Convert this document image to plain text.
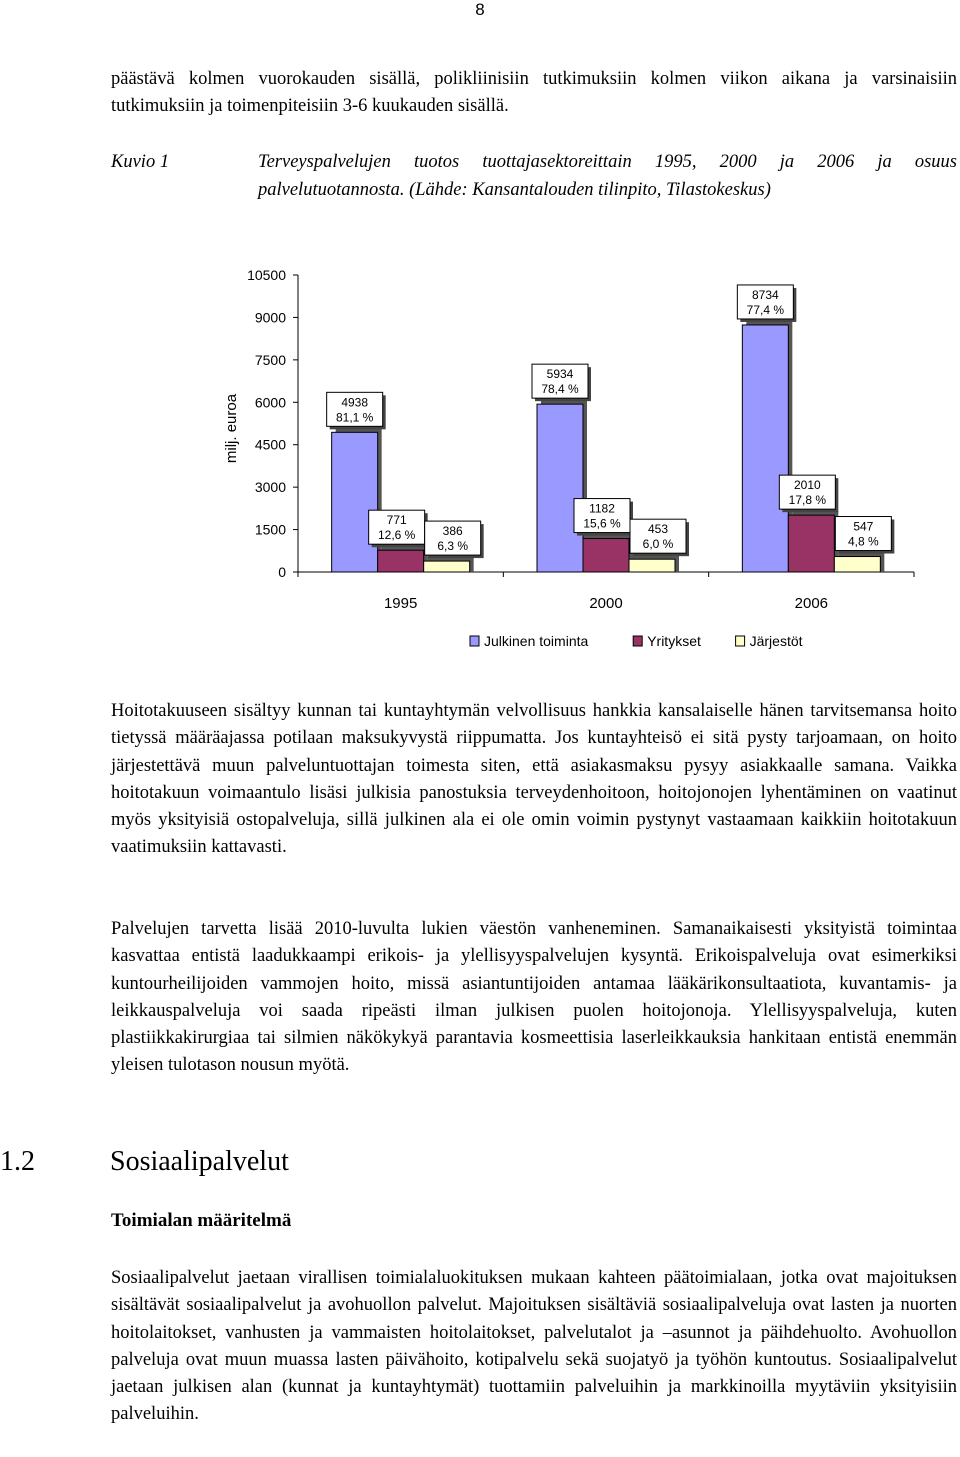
8

päästävä kolmen vuorokauden sisällä, polikliinisiin tutkimuksiin kolmen viikon aikana ja varsinaisiin tutkimuksiin ja toimenpiteisiin 3-6 kuukauden sisällä.

Kuvio 1	Terveyspalvelujen tuotos tuottajasektoreittain 1995, 2000 ja 2006 ja osuus palvelutuotannosta. (Lähde: Kansantalouden tilinpito, Tilastokeskus)
0
1500
3000
4500
6000
7500
9000
10500
milj. euroa	4938
81,1 %
771
12,6 % 386
6,3 %
1995
5934
78,4 %
1182
15,6 % 453
6,0 %
2000
8734
77,4 %
2010
17,8 %
547
4,8 %
2006
Julkinen toiminta	Yritykset	Järjestöt

Hoitotakuuseen sisältyy kunnan tai kuntayhtymän velvollisuus hankkia kansalaiselle hänen tarvitsemansa hoito tietyssä määräajassa potilaan maksukyvystä riippumatta. Jos kuntayhteisö ei sitä pysty tarjoamaan, on hoito järjestettävä muun palveluntuottajan toimesta siten, että asiakasmaksu pysyy asiakkaalle samana. Vaikka hoitotakuun voimaantulo lisäsi julkisia panostuksia terveydenhoitoon, hoitojonojen lyhentäminen on vaatinut myös yksityisiä ostopalveluja, sillä julkinen ala ei ole omin voimin pystynyt vastaamaan kaikkiin hoitotakuun vaatimuksiin kattavasti.

Palvelujen tarvetta lisää 2010-luvulta lukien väestön vanheneminen. Samanaikaisesti yksityistä toimintaa kasvattaa entistä laadukkaampi erikois- ja ylellisyyspalvelujen kysyntä. Erikoispalveluja ovat esimerkiksi kuntourheilijoiden vammojen hoito, missä asiantuntijoiden antamaa lääkärikonsultaatiota, kuvantamis- ja leikkauspalveluja voi saada ripeästi ilman julkisen puolen hoitojonoja. Ylellisyyspalveluja, kuten plastiikkakirurgiaa tai silmien näkökykyä parantavia kosmeettisia laserleikkauksia hankitaan entistä enemmän yleisen tulotason nousun myötä.

1.2	Sosiaalipalvelut
Toimialan määritelmä

Sosiaalipalvelut jaetaan virallisen toimialaluokituksen mukaan kahteen päätoimialaan, jotka ovat majoituksen sisältävät sosiaalipalvelut ja avohuollon palvelut. Majoituksen sisältäviä sosiaalipalveluja ovat lasten ja nuorten hoitolaitokset, vanhusten ja vammaisten hoitolaitokset, palvelutalot ja –asunnot ja päihdehuolto. Avohuollon palveluja ovat muun muassa lasten päivähoito, kotipalvelu sekä suojatyö ja työhön kuntoutus. Sosiaalipalvelut jaetaan julkisen alan (kunnat ja kuntayhtymät) tuottamiin palveluihin ja markkinoilla myytäviin yksityisiin palveluihin.
